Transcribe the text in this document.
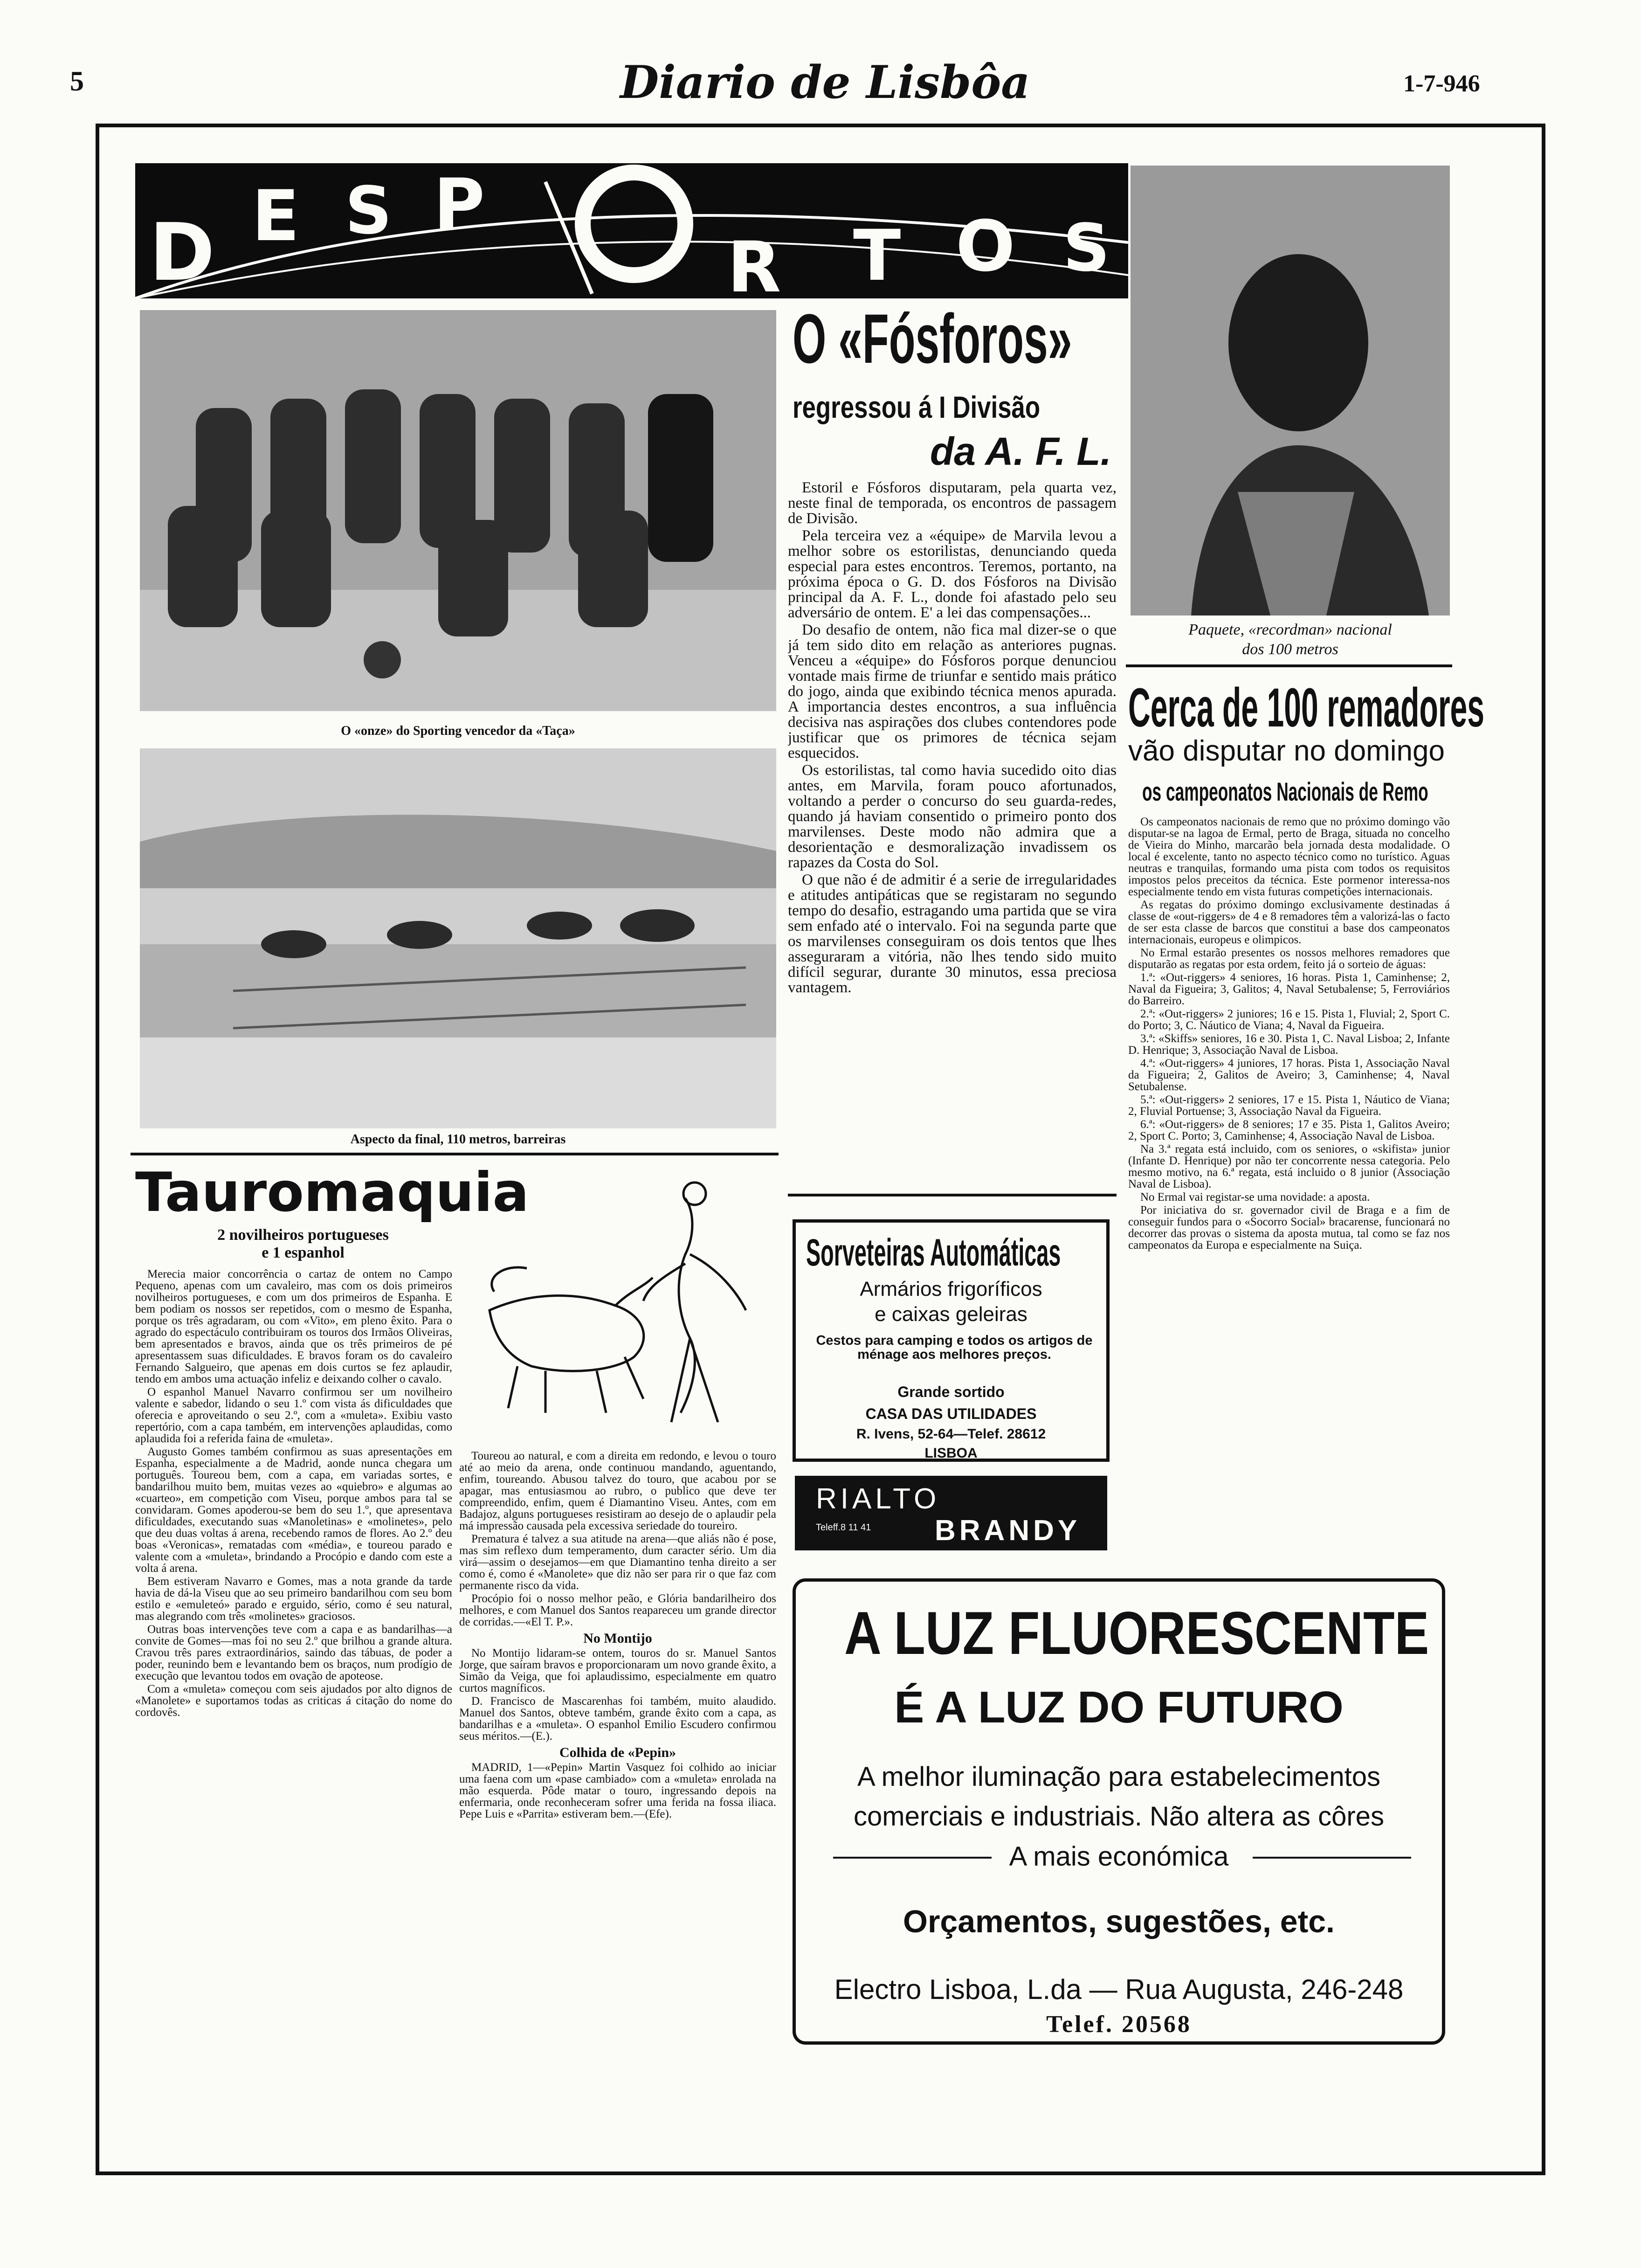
5	Diario de Lisbôa	1-7-946
D E S P
R T O S
Paquete, «recordman» nacional
dos 100 metros
O «onze» do Sporting vencedor da «Taça»
Aspecto da final, 110 metros, barreiras
O «Fósforos»
regressou á I Divisão
da A. F. L.

Estoril e Fósforos disputaram, pela quarta vez, neste final de temporada, os encontros de passagem de Divisão.

Pela terceira vez a «équipe» de Marvila levou a melhor sobre os estorilistas, denunciando queda especial para estes encontros. Teremos, portanto, na próxima época o G. D. dos Fósforos na Divisão principal da A. F. L., donde foi afastado pelo seu adversário de ontem. E' a lei das compensações...

Do desafio de ontem, não fica mal dizer-se o que já tem sido dito em relação as anteriores pugnas. Venceu a «équipe» do Fósforos porque denunciou vontade mais firme de triunfar e sentido mais prático do jogo, ainda que exibindo técnica menos apurada. A importancia destes encontros, a sua influência decisiva nas aspirações dos clubes contendores pode justificar que os primores de técnica sejam esquecidos.

Os estorilistas, tal como havia sucedido oito dias antes, em Marvila, foram pouco afortunados, voltando a perder o concurso do seu guarda-redes, quando já haviam consentido o primeiro ponto dos marvilenses. Deste modo não admira que a desorientação e desmoralização invadissem os rapazes da Costa do Sol.

O que não é de admitir é a serie de irregularidades e atitudes antipáticas que se registaram no segundo tempo do desafio, estragando uma partida que se vira sem enfado até o intervalo. Foi na segunda parte que os marvilenses conseguiram os dois tentos que lhes asseguraram a vitória, não lhes tendo sido muito difícil segurar, durante 30 minutos, essa preciosa vantagem.

Cerca de 100 remadores
vão disputar no domingo
os campeonatos Nacionais de Remo

Os campeonatos nacionais de remo que no próximo domingo vão disputar-se na lagoa de Ermal, perto de Braga, situada no concelho de Vieira do Minho, marcarão bela jornada desta modalidade. O local é excelente, tanto no aspecto técnico como no turístico. Aguas neutras e tranquilas, formando uma pista com todos os requisitos impostos pelos preceitos da técnica. Este pormenor interessa-nos especialmente tendo em vista futuras competições internacionais.

As regatas do próximo domingo exclusivamente destinadas á classe de «out-riggers» de 4 e 8 remadores têm a valorizá-las o facto de ser esta classe de barcos que constitui a base dos campeonatos internacionais, europeus e olimpicos.

No Ermal estarão presentes os nossos melhores remadores que disputarão as regatas por esta ordem, feito já o sorteio de águas:

1.ª: «Out-riggers» 4 seniores, 16 horas. Pista 1, Caminhense; 2, Naval da Figueira; 3, Galitos; 4, Naval Setubalense; 5, Ferroviários do Barreiro.

2.ª: «Out-riggers» 2 juniores; 16 e 15. Pista 1, Fluvial; 2, Sport C. do Porto; 3, C. Náutico de Viana; 4, Naval da Figueira.

3.ª: «Skiffs» seniores, 16 e 30. Pista 1, C. Naval Lisboa; 2, Infante D. Henrique; 3, Associação Naval de Lisboa.

4.ª: «Out-riggers» 4 juniores, 17 horas. Pista 1, Associação Naval da Figueira; 2, Galitos de Aveiro; 3, Caminhense; 4, Naval Setubalense.

5.ª: «Out-riggers» 2 seniores, 17 e 15. Pista 1, Náutico de Viana; 2, Fluvial Portuense; 3, Associação Naval da Figueira.

6.ª: «Out-riggers» de 8 seniores; 17 e 35. Pista 1, Galitos Aveiro; 2, Sport C. Porto; 3, Caminhense; 4, Associação Naval de Lisboa.

Na 3.ª regata está incluido, com os seniores, o «skifista» junior (Infante D. Henrique) por não ter concorrente nessa categoria. Pelo mesmo motivo, na 6.ª regata, está incluido o 8 junior (Associação Naval de Lisboa).

No Ermal vai registar-se uma novidade: a aposta.

Por iniciativa do sr. governador civil de Braga e a fim de conseguir fundos para o «Socorro Social» bracarense, funcionará no decorrer das provas o sistema da aposta mutua, tal como se faz nos campeonatos da Europa e especialmente na Suiça.

Tauromaquia
2 novilheiros portugueses
e 1 espanhol

Merecia maior concorrência o cartaz de ontem no Campo Pequeno, apenas com um cavaleiro, mas com os dois primeiros novilheiros portugueses, e com um dos primeiros de Espanha. E bem podiam os nossos ser repetidos, com o mesmo de Espanha, porque os três agradaram, ou com «Vito», em pleno êxito. Para o agrado do espectáculo contribuiram os touros dos Irmãos Oliveiras, bem apresentados e bravos, ainda que os três primeiros de pé apresentassem suas dificuldades. E bravos foram os do cavaleiro Fernando Salgueiro, que apenas em dois curtos se fez aplaudir, tendo em ambos uma actuação infeliz e deixando colher o cavalo.

O espanhol Manuel Navarro confirmou ser um novilheiro valente e sabedor, lidando o seu 1.º com vista ás dificuldades que oferecia e aproveitando o seu 2.º, com a «muleta». Exibiu vasto repertório, com a capa também, em intervenções aplaudidas, como aplaudida foi a referida faina de «muleta».

Augusto Gomes também confirmou as suas apresentações em Espanha, especialmente a de Madrid, aonde nunca chegara um português. Toureou bem, com a capa, em variadas sortes, e bandarilhou muito bem, muitas vezes ao «quiebro» e algumas ao «cuarteo», em competição com Viseu, porque ambos para tal se convidaram. Gomes apoderou-se bem do seu 1.º, que apresentava dificuldades, executando suas «Manoletinas» e «molinetes», pelo que deu duas voltas á arena, recebendo ramos de flores. Ao 2.º deu boas «Veronicas», rematadas com «média», e toureou parado e valente com a «muleta», brindando a Procópio e dando com este a volta á arena.

Bem estiveram Navarro e Gomes, mas a nota grande da tarde havia de dá-la Viseu que ao seu primeiro bandarilhou com seu bom estilo e «emuleteó» parado e erguido, sério, como é seu natural, mas alegrando com três «molinetes» graciosos.

Outras boas intervenções teve com a capa e as bandarilhas—a convite de Gomes—mas foi no seu 2.º que brilhou a grande altura. Cravou três pares extraordinários, saindo das tábuas, de poder a poder, reunindo bem e levantando bem os braços, num prodígio de execução que levantou todos em ovação de apoteose.

Com a «muleta» começou com seis ajudados por alto dignos de «Manolete» e suportamos todas as criticas á citação do nome do cordovês.

Toureou ao natural, e com a direita em redondo, e levou o touro até ao meio da arena, onde continuou mandando, aguentando, enfim, toureando. Abusou talvez do touro, que acabou por se apagar, mas entusiasmou ao rubro, o publico que deve ter compreendido, enfim, quem é Diamantino Viseu. Antes, com em Badajoz, alguns portugueses resistiram ao desejo de o aplaudir pela má impressão causada pela excessiva seriedade do toureiro.

Prematura é talvez a sua atitude na arena—que aliás não é pose, mas sim reflexo dum temperamento, dum caracter sério. Um dia virá—assim o desejamos—em que Diamantino tenha direito a ser como é, como é «Manolete» que diz não ser para rir o que faz com permanente risco da vida.

Procópio foi o nosso melhor peão, e Glória bandarilheiro dos melhores, e com Manuel dos Santos reapareceu um grande director de corridas.—«El T. P.».

No Montijo

No Montijo lidaram-se ontem, touros do sr. Manuel Santos Jorge, que saíram bravos e proporcionaram um novo grande êxito, a Simão da Veiga, que foi aplaudissimo, especialmente em quatro curtos magníficos.

D. Francisco de Mascarenhas foi também, muito alaudido. Manuel dos Santos, obteve também, grande êxito com a capa, as bandarilhas e a «muleta». O espanhol Emilio Escudero confirmou seus méritos.—(E.).

Colhida de «Pepin»

MADRID, 1—«Pepin» Martin Vasquez foi colhido ao iniciar uma faena com um «pase cambiado» com a «muleta» enrolada na mão esquerda. Pôde matar o touro, ingressando depois na enfermaria, onde reconheceram sofrer uma ferida na fossa iliaca. Pepe Luis e «Parrita» estiveram bem.—(Efe).

Sorveteiras Automáticas
Armários frigoríficos
e caixas geleiras
Cestos para camping e todos os artigos de ménage aos melhores preços.
Grande sortido
CASA DAS UTILIDADES
R. Ivens, 52-64—Telef. 28612
LISBOA
RIALTO
Teleff.8 11 41 BRANDY
A LUZ FLUORESCENTE
É A LUZ DO FUTURO
A melhor iluminação para estabelecimentos
comerciais e industriais. Não altera as côres
A mais económica
Orçamentos, sugestões, etc.
Electro Lisboa, L.da — Rua Augusta, 246-248
Telef. 20568
